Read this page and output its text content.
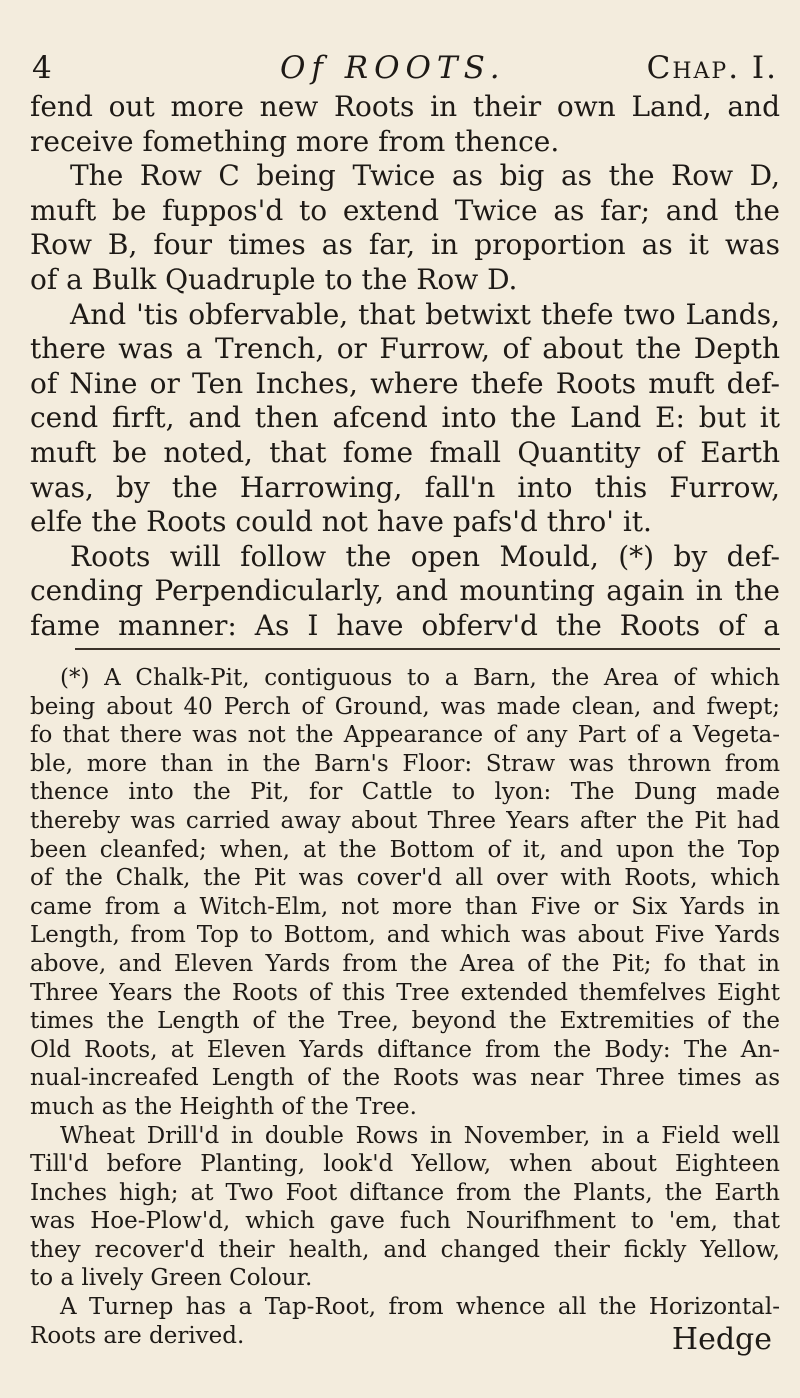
4	Of ROOTS.	Chap. I.
fend out more new Roots in their own Land, and
receive fomething more from thence.
The Row C being Twice as big as the Row D,
muft be fuppos'd to extend Twice as far; and the
Row B, four times as far, in proportion as it was
of a Bulk Quadruple to the Row D.
And 'tis obfervable, that betwixt thefe two Lands,
there was a Trench, or Furrow, of about the Depth
of Nine or Ten Inches, where thefe Roots muft def-
cend firft, and then afcend into the Land E: but it
muft be noted, that fome fmall Quantity of Earth
was, by the Harrowing, fall'n into this Furrow,
elfe the Roots could not have pafs'd thro' it.
Roots will follow the open Mould, (*) by def-
cending Perpendicularly, and mounting again in the
fame manner: As I have obferv'd the Roots of a
(*) A Chalk-Pit, contiguous to a Barn, the Area of which
being about 40 Perch of Ground, was made clean, and fwept;
fo that there was not the Appearance of any Part of a Vegeta-
ble, more than in the Barn's Floor: Straw was thrown from
thence into the Pit, for Cattle to lyon: The Dung made
thereby was carried away about Three Years after the Pit had
been cleanfed; when, at the Bottom of it, and upon the Top
of the Chalk, the Pit was cover'd all over with Roots, which
came from a Witch-Elm, not more than Five or Six Yards in
Length, from Top to Bottom, and which was about Five Yards
above, and Eleven Yards from the Area of the Pit; fo that in
Three Years the Roots of this Tree extended themfelves Eight
times the Length of the Tree, beyond the Extremities of the
Old Roots, at Eleven Yards diftance from the Body: The An-
nual-increafed Length of the Roots was near Three times as
much as the Heighth of the Tree.
Wheat Drill'd in double Rows in November, in a Field well
Till'd before Planting, look'd Yellow, when about Eighteen
Inches high; at Two Foot diftance from the Plants, the Earth
was Hoe-Plow'd, which gave fuch Nourifhment to 'em, that
they recover'd their health, and changed their fickly Yellow,
to a lively Green Colour.
A Turnep has a Tap-Root, from whence all the Horizontal-
Roots are derived.	Hedge
